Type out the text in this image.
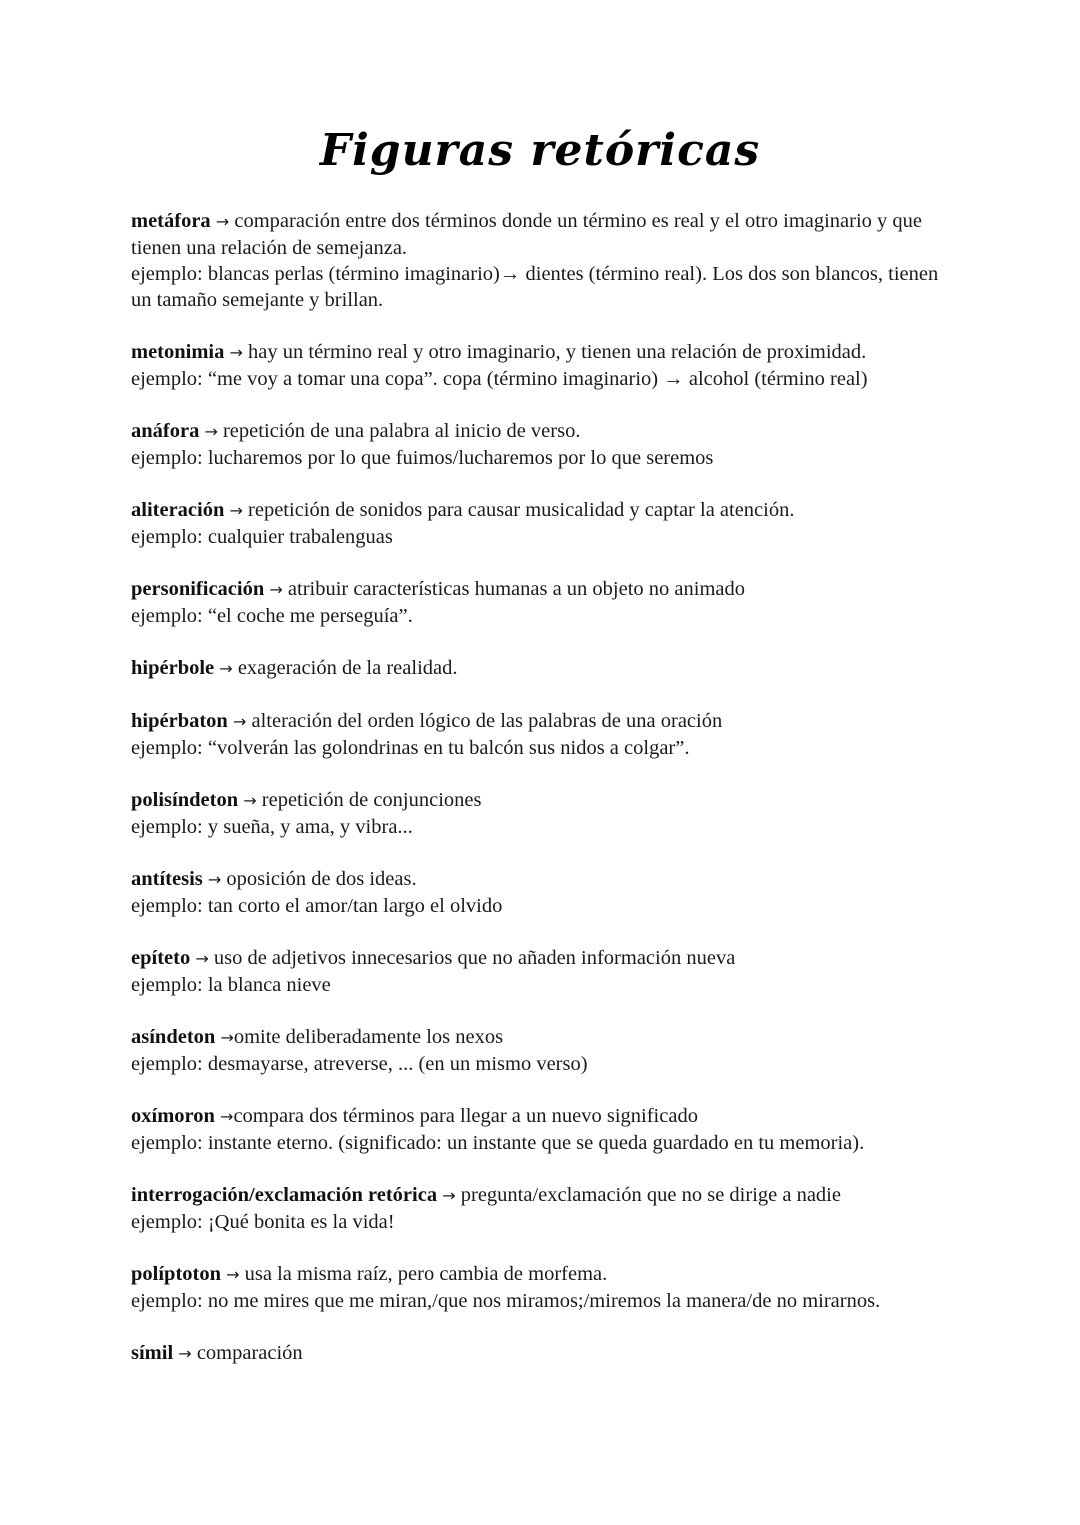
Figuras retóricas

metáfora → comparación entre dos términos donde un término es real y el otro imaginario y que tienen una relación de semejanza.

ejemplo: blancas perlas (término imaginario)→ dientes (término real). Los dos son blancos, tienen un tamaño semejante y brillan.

metonimia → hay un término real y otro imaginario, y tienen una relación de proximidad.

ejemplo: “me voy a tomar una copa”. copa (término imaginario) → alcohol (término real)

anáfora → repetición de una palabra al inicio de verso.

ejemplo: lucharemos por lo que fuimos/lucharemos por lo que seremos

aliteración → repetición de sonidos para causar musicalidad y captar la atención.

ejemplo: cualquier trabalenguas

personificación → atribuir características humanas a un objeto no animado

ejemplo: “el coche me perseguía”.

hipérbole → exageración de la realidad.

hipérbaton → alteración del orden lógico de las palabras de una oración

ejemplo: “volverán las golondrinas en tu balcón sus nidos a colgar”.

polisíndeton → repetición de conjunciones

ejemplo: y sueña, y ama, y vibra...

antítesis → oposición de dos ideas.

ejemplo: tan corto el amor/tan largo el olvido

epíteto → uso de adjetivos innecesarios que no añaden información nueva

ejemplo: la blanca nieve

asíndeton →omite deliberadamente los nexos

ejemplo: desmayarse, atreverse, ... (en un mismo verso)

oxímoron →compara dos términos para llegar a un nuevo significado

ejemplo: instante eterno. (significado: un instante que se queda guardado en tu memoria).

interrogación/exclamación retórica → pregunta/exclamación que no se dirige a nadie

ejemplo: ¡Qué bonita es la vida!

políptoton → usa la misma raíz, pero cambia de morfema.

ejemplo: no me mires que me miran,/que nos miramos;/miremos la manera/de no mirarnos.

símil → comparación
